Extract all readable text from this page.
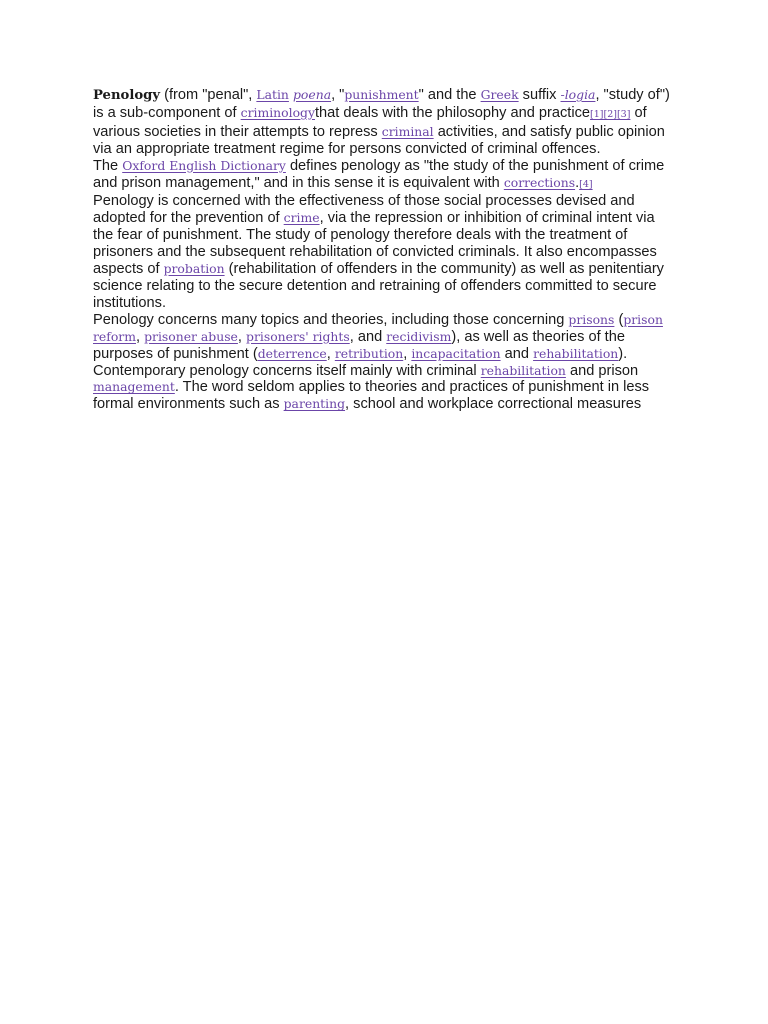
Penology (from "penal", Latin poena, "punishment" and the Greek suffix -logia, "study of") is a sub-component of criminologythat deals with the philosophy and practice[1][2][3] of various societies in their attempts to repress criminal activities, and satisfy public opinion via an appropriate treatment regime for persons convicted of criminal offences.

The Oxford English Dictionary defines penology as "the study of the punishment of crime and prison management," and in this sense it is equivalent with corrections.[4]

Penology is concerned with the effectiveness of those social processes devised and adopted for the prevention of crime, via the repression or inhibition of criminal intent via the fear of punishment. The study of penology therefore deals with the treatment of prisoners and the subsequent rehabilitation of convicted criminals. It also encompasses aspects of probation (rehabilitation of offenders in the community) as well as penitentiary science relating to the secure detention and retraining of offenders committed to secure institutions.

Penology concerns many topics and theories, including those concerning prisons (prison reform, prisoner abuse, prisoners' rights, and recidivism), as well as theories of the purposes of punishment (deterrence, retribution, incapacitation and rehabilitation). Contemporary penology concerns itself mainly with criminal rehabilitation and prison management. The word seldom applies to theories and practices of punishment in less formal environments such as parenting, school and workplace correctional measures
